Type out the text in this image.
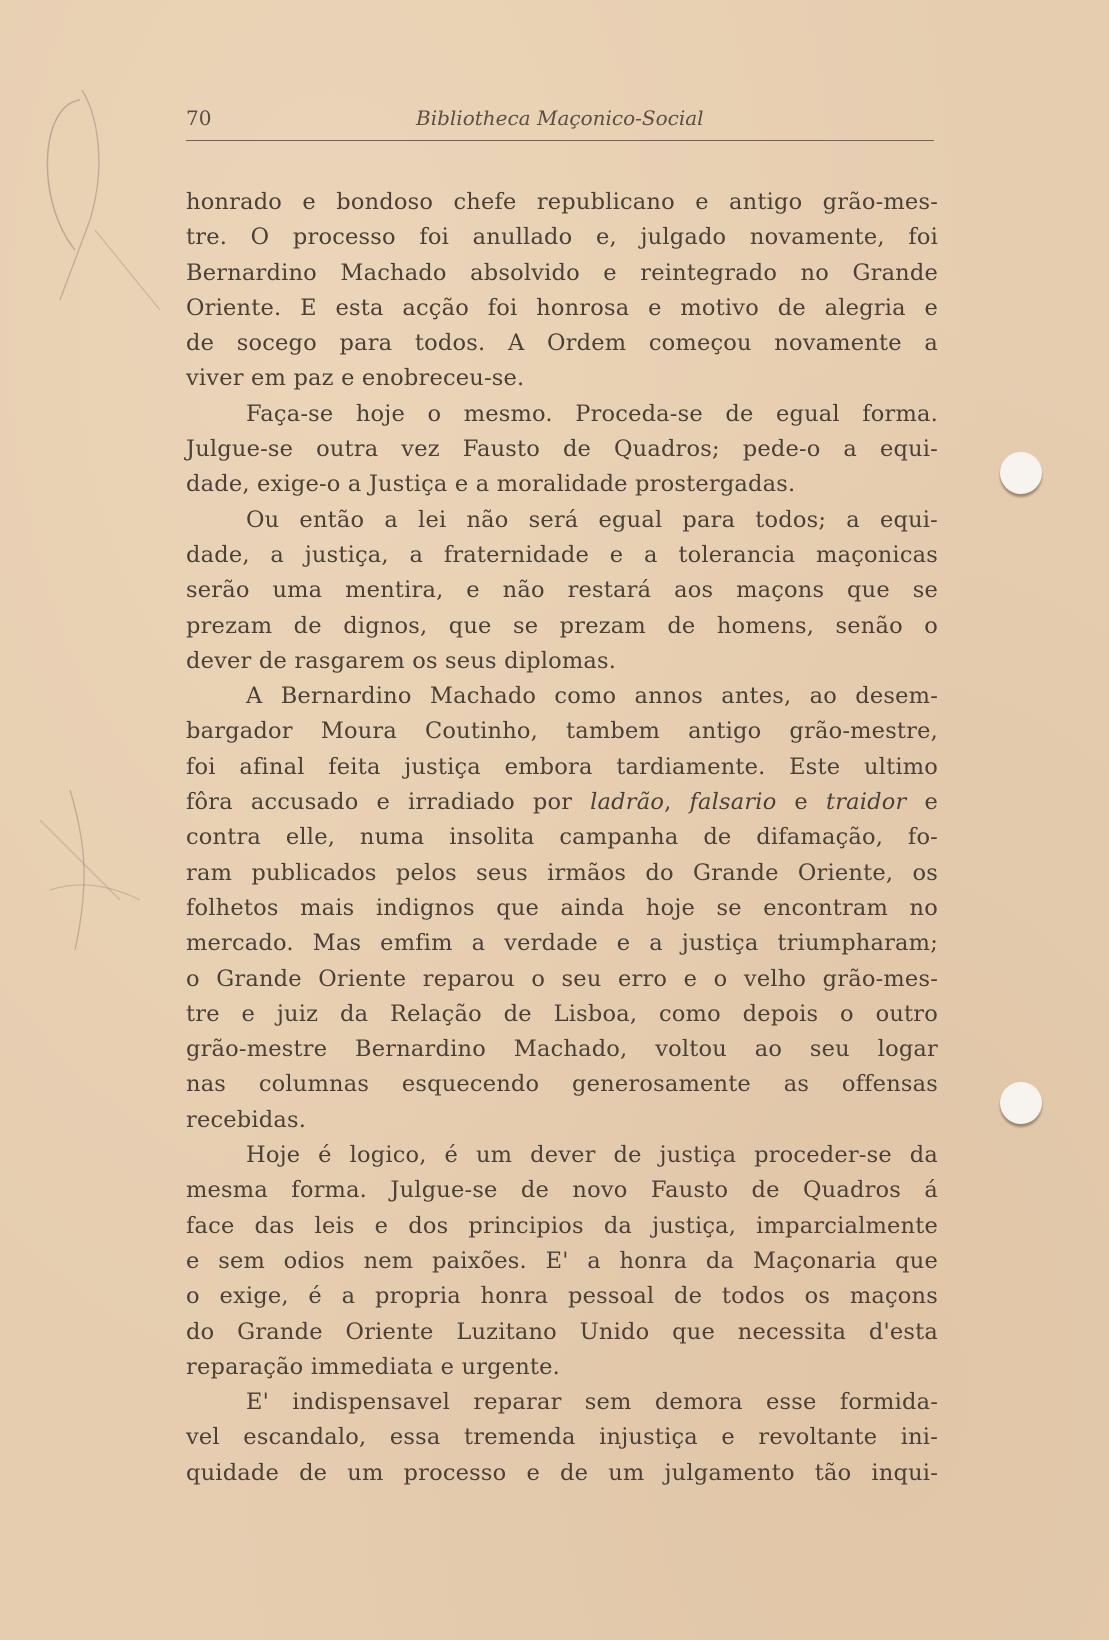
70	Bibliotheca Maçonico-Social
honrado e bondoso chefe republicano e antigo grão-mes-
tre. O processo foi anullado e, julgado novamente, foi
Bernardino Machado absolvido e reintegrado no Grande
Oriente. E esta acção foi honrosa e motivo de alegria e
de socego para todos. A Ordem começou novamente a
viver em paz e enobreceu-se.
Faça-se hoje o mesmo. Proceda-se de egual forma.
Julgue-se outra vez Fausto de Quadros; pede-o a equi-
dade, exige-o a Justiça e a moralidade prostergadas.
Ou então a lei não será egual para todos; a equi-
dade, a justiça, a fraternidade e a tolerancia maçonicas
serão uma mentira, e não restará aos maçons que se
prezam de dignos, que se prezam de homens, senão o
dever de rasgarem os seus diplomas.
A Bernardino Machado como annos antes, ao desem-
bargador Moura Coutinho, tambem antigo grão-mestre,
foi afinal feita justiça embora tardiamente. Este ultimo
fôra accusado e irradiado por ladrão, falsario e traidor e
contra elle, numa insolita campanha de difamação, fo-
ram publicados pelos seus irmãos do Grande Oriente, os
folhetos mais indignos que ainda hoje se encontram no
mercado. Mas emfim a verdade e a justiça triumpharam;
o Grande Oriente reparou o seu erro e o velho grão-mes-
tre e juiz da Relação de Lisboa, como depois o outro
grão-mestre Bernardino Machado, voltou ao seu logar
nas columnas esquecendo generosamente as offensas
recebidas.
Hoje é logico, é um dever de justiça proceder-se da
mesma forma. Julgue-se de novo Fausto de Quadros á
face das leis e dos principios da justiça, imparcialmente
e sem odios nem paixões. E' a honra da Maçonaria que
o exige, é a propria honra pessoal de todos os maçons
do Grande Oriente Luzitano Unido que necessita d'esta
reparação immediata e urgente.
E' indispensavel reparar sem demora esse formida-
vel escandalo, essa tremenda injustiça e revoltante ini-
quidade de um processo e de um julgamento tão inqui-
